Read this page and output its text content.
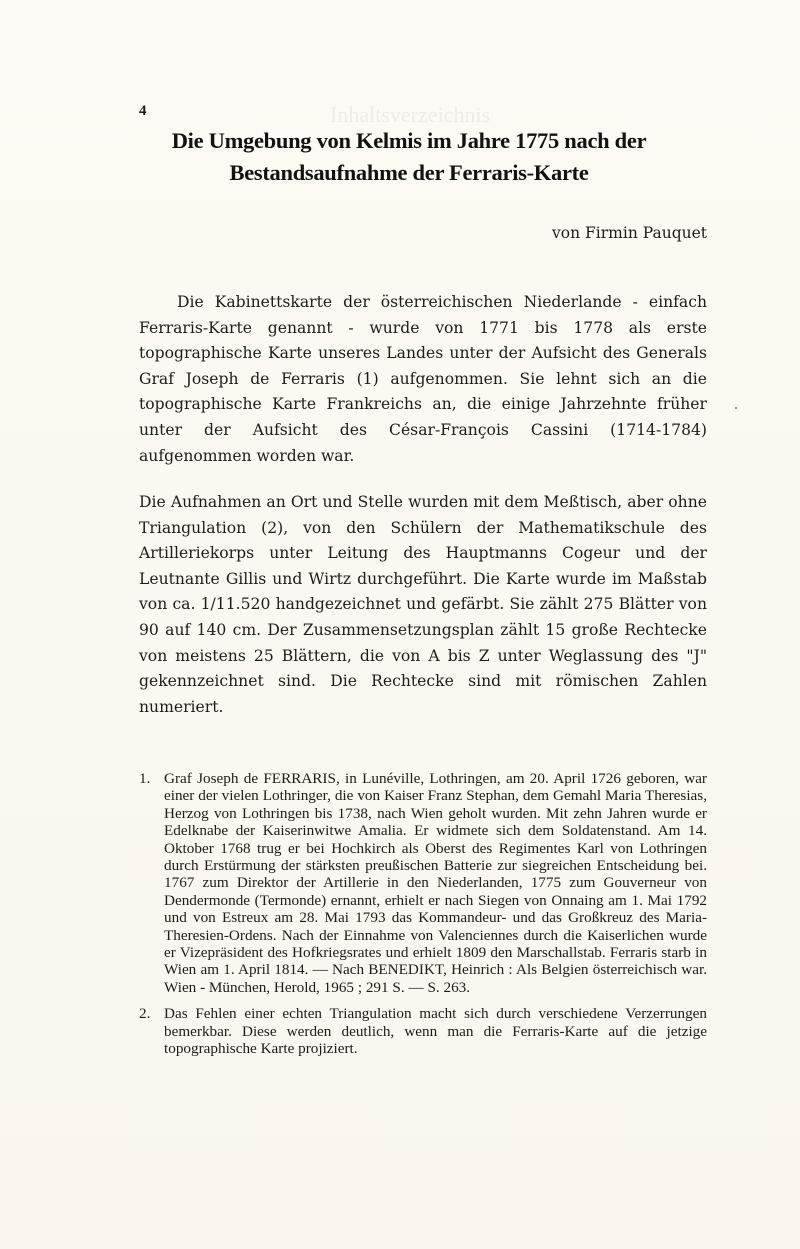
Inhaltsverzeichnis
4
Die Umgebung von Kelmis im Jahre 1775 nach der Bestandsaufnahme der Ferraris-Karte
von Firmin Pauquet

Die Kabinettskarte der österreichischen Niederlande - einfach Ferraris-Karte genannt - wurde von 1771 bis 1778 als erste topographische Karte unseres Landes unter der Aufsicht des Generals Graf Joseph de Ferraris (1) aufgenommen. Sie lehnt sich an die topographische Karte Frankreichs an, die einige Jahrzehnte früher unter der Aufsicht des César-François Cassini (1714-1784) aufgenommen worden war.

Die Aufnahmen an Ort und Stelle wurden mit dem Meßtisch, aber ohne Triangulation (2), von den Schülern der Mathematikschule des Artilleriekorps unter Leitung des Hauptmanns Cogeur und der Leutnante Gillis und Wirtz durchgeführt. Die Karte wurde im Maßstab von ca. 1/11.520 handgezeichnet und gefärbt. Sie zählt 275 Blätter von 90 auf 140 cm. Der Zusammensetzungsplan zählt 15 große Rechtecke von meistens 25 Blättern, die von A bis Z unter Weglassung des "J" gekennzeichnet sind. Die Rechtecke sind mit römischen Zahlen numeriert.

1. Graf Joseph de FERRARIS, in Lunéville, Lothringen, am 20. April 1726 geboren, war einer der vielen Lothringer, die von Kaiser Franz Stephan, dem Gemahl Maria Theresias, Herzog von Lothringen bis 1738, nach Wien geholt wurden. Mit zehn Jahren wurde er Edelknabe der Kaiserinwitwe Amalia. Er widmete sich dem Soldatenstand. Am 14. Oktober 1768 trug er bei Hochkirch als Oberst des Regimentes Karl von Lothringen durch Erstürmung der stärksten preußischen Batterie zur siegreichen Entscheidung bei. 1767 zum Direktor der Artillerie in den Niederlanden, 1775 zum Gouverneur von Dendermonde (Termonde) ernannt, erhielt er nach Siegen von Onnaing am 1. Mai 1792 und von Estreux am 28. Mai 1793 das Kommandeur- und das Großkreuz des Maria-Theresien-Ordens. Nach der Einnahme von Valenciennes durch die Kaiserlichen wurde er Vizepräsident des Hofkriegsrates und erhielt 1809 den Marschallstab. Ferraris starb in Wien am 1. April 1814. — Nach BENEDIKT, Heinrich : Als Belgien österreichisch war. Wien - München, Herold, 1965 ; 291 S. — S. 263.
2. Das Fehlen einer echten Triangulation macht sich durch verschiedene Verzerrungen bemerkbar. Diese werden deutlich, wenn man die Ferraris-Karte auf die jetzige topographische Karte projiziert.
